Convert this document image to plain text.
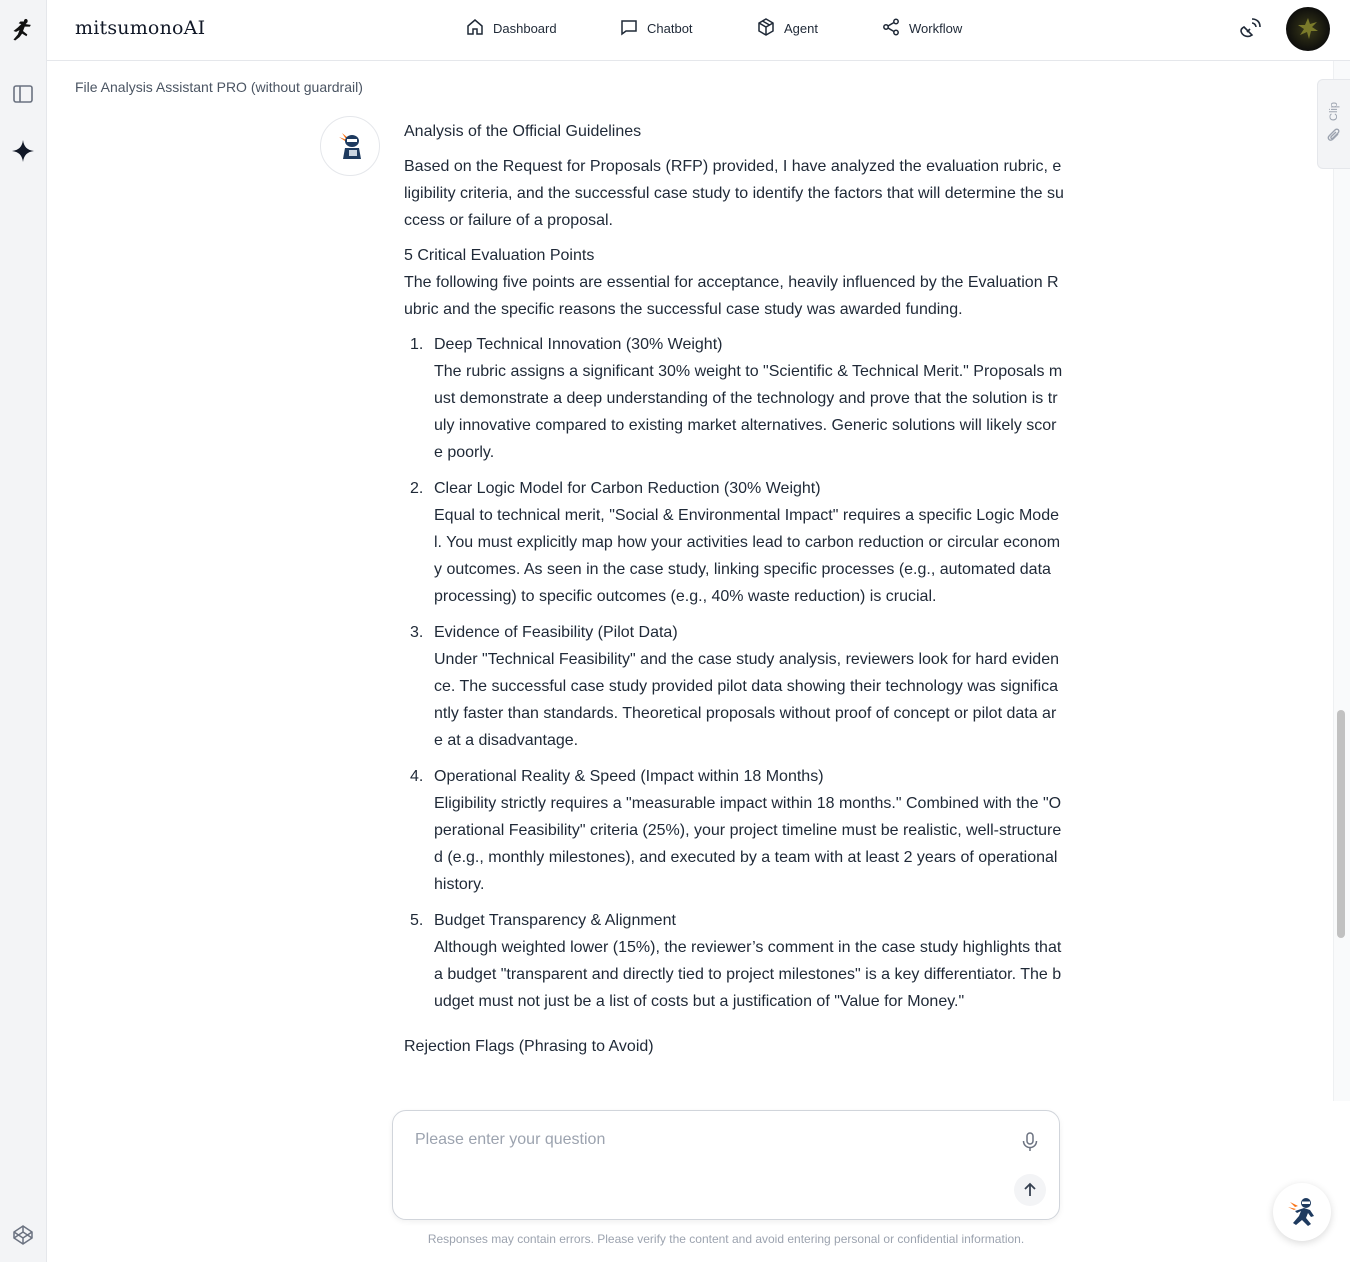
mitsumonoAI	Dashboard	Chatbot	Agent	Workflow
File Analysis Assistant PRO (without guardrail)

Analysis of the Official Guidelines

Based on the Request for Proposals (RFP) provided, I have analyzed the evaluation rubric, eligibility criteria, and the successful case study to identify the factors that will determine the success or failure of a proposal.

5 Critical Evaluation Points

The following five points are essential for acceptance, heavily influenced by the Evaluation Rubric and the specific reasons the successful case study was awarded funding.

1. Deep Technical Innovation (30% Weight)

The rubric assigns a significant 30% weight to "Scientific & Technical Merit." Proposals must demonstrate a deep understanding of the technology and prove that the solution is truly innovative compared to existing market alternatives. Generic solutions will likely score poorly.

2. Clear Logic Model for Carbon Reduction (30% Weight)

Equal to technical merit, "Social & Environmental Impact" requires a specific Logic Model. You must explicitly map how your activities lead to carbon reduction or circular economy outcomes. As seen in the case study, linking specific processes (e.g., automated data processing) to specific outcomes (e.g., 40% waste reduction) is crucial.

3. Evidence of Feasibility (Pilot Data)

Under "Technical Feasibility" and the case study analysis, reviewers look for hard evidence. The successful case study provided pilot data showing their technology was significantly faster than standards. Theoretical proposals without proof of concept or pilot data are at a disadvantage.

4. Operational Reality & Speed (Impact within 18 Months)

Eligibility strictly requires a "measurable impact within 18 months." Combined with the "Operational Feasibility" criteria (25%), your project timeline must be realistic, well-structured (e.g., monthly milestones), and executed by a team with at least 2 years of operational history.

5. Budget Transparency & Alignment

Although weighted lower (15%), the reviewer’s comment in the case study highlights that a budget "transparent and directly tied to project milestones" is a key differentiator. The budget must not just be a list of costs but a justification of "Value for Money."

Rejection Flags (Phrasing to Avoid)

Clip
Please enter your question
Responses may contain errors. Please verify the content and avoid entering personal or confidential information.
